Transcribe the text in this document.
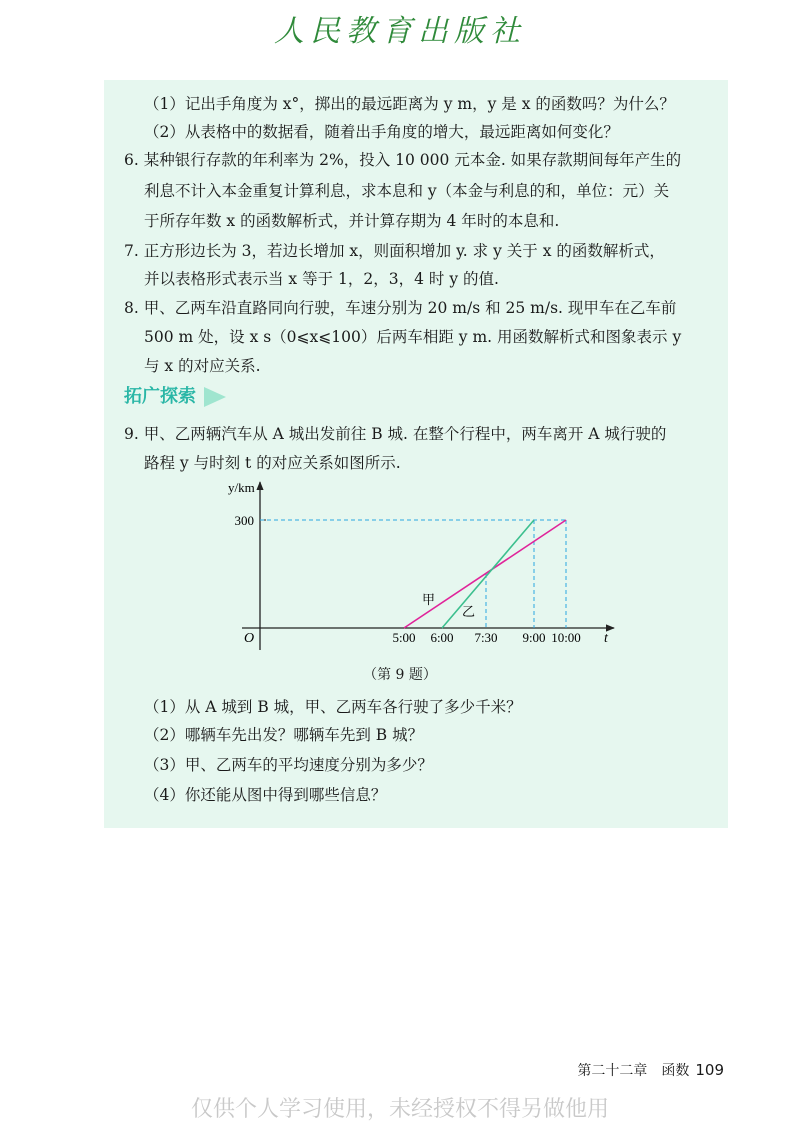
人民教育出版社
（1）记出手角度为 x°，掷出的最远距离为 y m，y 是 x 的函数吗？为什么？
（2）从表格中的数据看，随着出手角度的增大，最远距离如何变化？
6. 某种银行存款的年利率为 2%，投入 10 000 元本金. 如果存款期间每年产生的
利息不计入本金重复计算利息，求本息和 y（本金与利息的和，单位：元）关
于所存年数 x 的函数解析式，并计算存期为 4 年时的本息和.
7. 正方形边长为 3，若边长增加 x，则面积增加 y. 求 y 关于 x 的函数解析式，
并以表格形式表示当 x 等于 1，2，3，4 时 y 的值.
8. 甲、乙两车沿直路同向行驶，车速分别为 20 m/s 和 25 m/s. 现甲车在乙车前
500 m 处，设 x s（0⩽x⩽100）后两车相距 y m. 用函数解析式和图象表示 y
与 x 的对应关系.
拓广探索
9. 甲、乙两辆汽车从 A 城出发前往 B 城. 在整个行程中，两车离开 A 城行驶的
路程 y 与时刻 t 的对应关系如图所示.
y/km
t
O	5:00 6:00 7:30 9:00 10:00
300
甲
乙
（1）从 A 城到 B 城，甲、乙两车各行驶了多少千米？
（2）哪辆车先出发？哪辆车先到 B 城？
（3）甲、乙两车的平均速度分别为多少？
（4）你还能从图中得到哪些信息？
（第 9 题）
第二十二章　函数 109
仅供个人学习使用，未经授权不得另做他用
